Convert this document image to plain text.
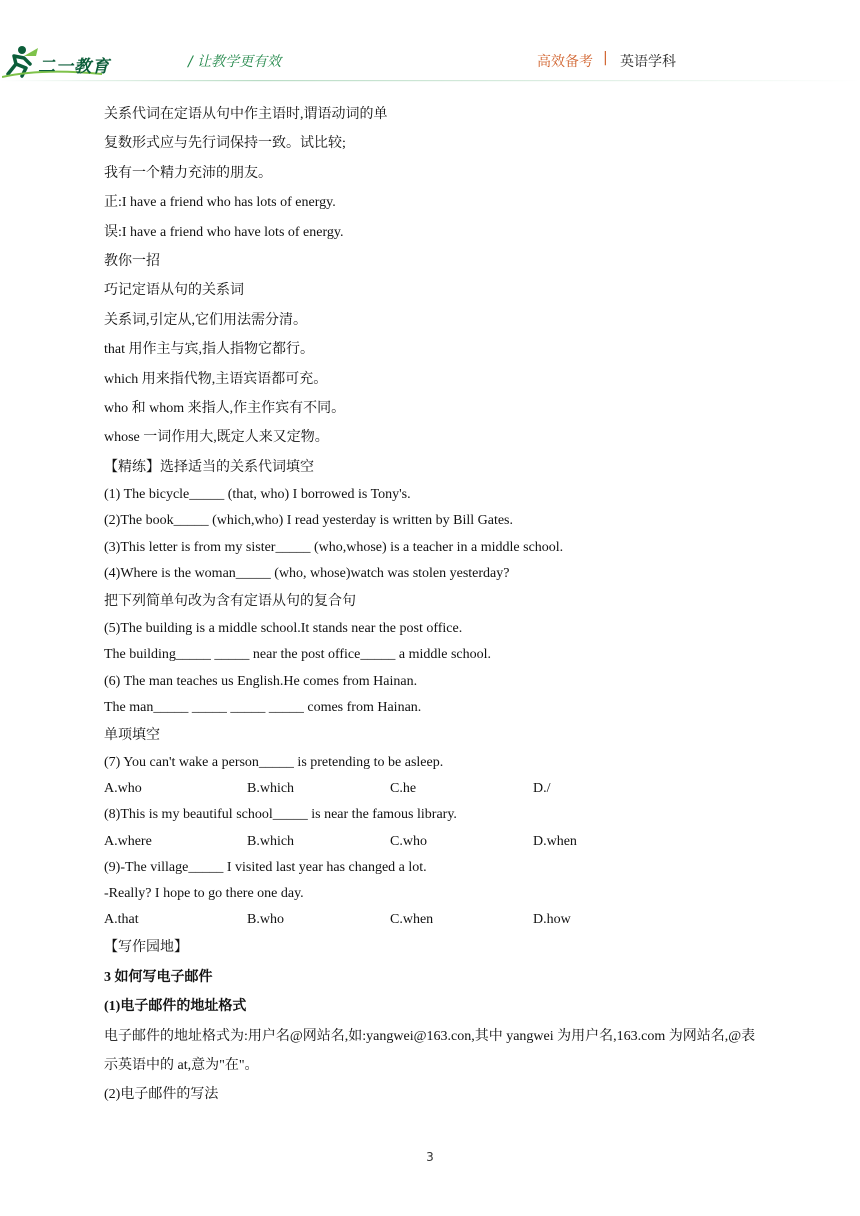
二一教育	/ 让教学更有效	高效备考 | 英语学科
关系代词在定语从句中作主语时,谓语动词的单
复数形式应与先行词保持一致。试比较;
我有一个精力充沛的朋友。
正:I have a friend who has lots of energy.
误:I have a friend who have lots of energy.
教你一招
巧记定语从句的关系词
关系词,引定从,它们用法需分清。
that 用作主与宾,指人指物它都行。
which 用来指代物,主语宾语都可充。
who 和 whom 来指人,作主作宾有不同。
whose 一词作用大,既定人来又定物。
【精练】选择适当的关系代词填空
(1) The bicycle_____ (that, who) I borrowed is Tony's.
(2)The book_____ (which,who) I read yesterday is written by Bill Gates.
(3)This letter is from my sister_____ (who,whose) is a teacher in a middle school.
(4)Where is the woman_____ (who, whose)watch was stolen yesterday?
把下列简单句改为含有定语从句的复合句
(5)The building is a middle school.It stands near the post office.
The building_____ _____ near the post office_____ a middle school.
(6) The man teaches us English.He comes from Hainan.
The man_____ _____ _____ _____ comes from Hainan.
单项填空
(7) You can't wake a person_____ is pretending to be asleep.
A.who	B.which	C.he	D./
(8)This is my beautiful school_____ is near the famous library.
A.where	B.which	C.who	D.when
(9)-The village_____ I visited last year has changed a lot.
-Really? I hope to go there one day.
A.that	B.who	C.when	D.how
【写作园地】
3 如何写电子邮件
(1)电子邮件的地址格式
电子邮件的地址格式为:用户名@网站名,如:yangwei@163.con,其中 yangwei 为用户名,163.com 为网站名,@表示英语中的 at,意为"在"。
(2)电子邮件的写法
3
